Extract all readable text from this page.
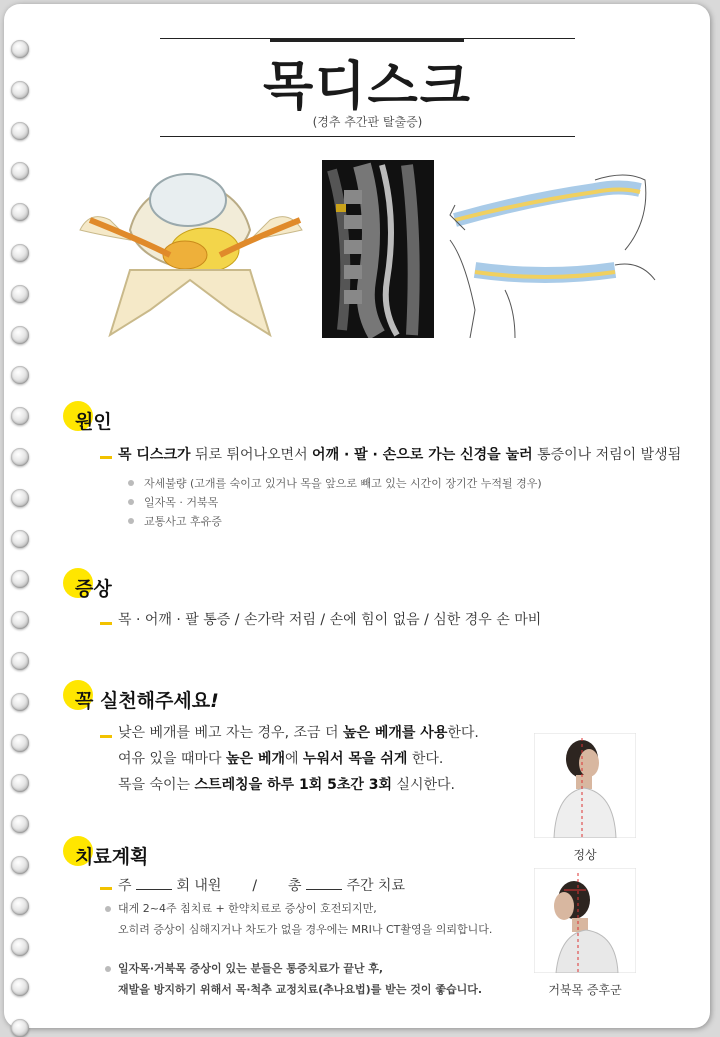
목디스크
(경추 추간판 탈출증)
원인
목 디스크가 뒤로 튀어나오면서 어깨 · 팔 · 손으로 가는 신경을 눌러 통증이나 저림이 발생됨
자세불량 (고개를 숙이고 있거나 목을 앞으로 빼고 있는 시간이 장기간 누적될 경우)
일자목 · 거북목
교통사고 후유증
증상
목 · 어깨 · 팔 통증 / 손가락 저림 / 손에 힘이 없음 / 심한 경우 손 마비
꼭 실천해주세요!
낮은 베개를 베고 자는 경우, 조금 더 높은 베개를 사용한다.
여유 있을 때마다 높은 베개에 누워서 목을 쉬게 한다.
목을 숙이는 스트레칭을 하루 1회 5초간 3회 실시한다.
치료계획
주	회 내원 / 총	주간 치료
대게 2~4주 침치료 + 한약치료로 증상이 호전되지만,
오히려 증상이 심해지거나 차도가 없을 경우에는 MRI나 CT촬영을 의뢰합니다.
일자목·거북목 증상이 있는 분들은 통증치료가 끝난 후,
재발을 방지하기 위해서 목·척추 교정치료(추나요법)를 받는 것이 좋습니다.
정상
거북목 증후군
